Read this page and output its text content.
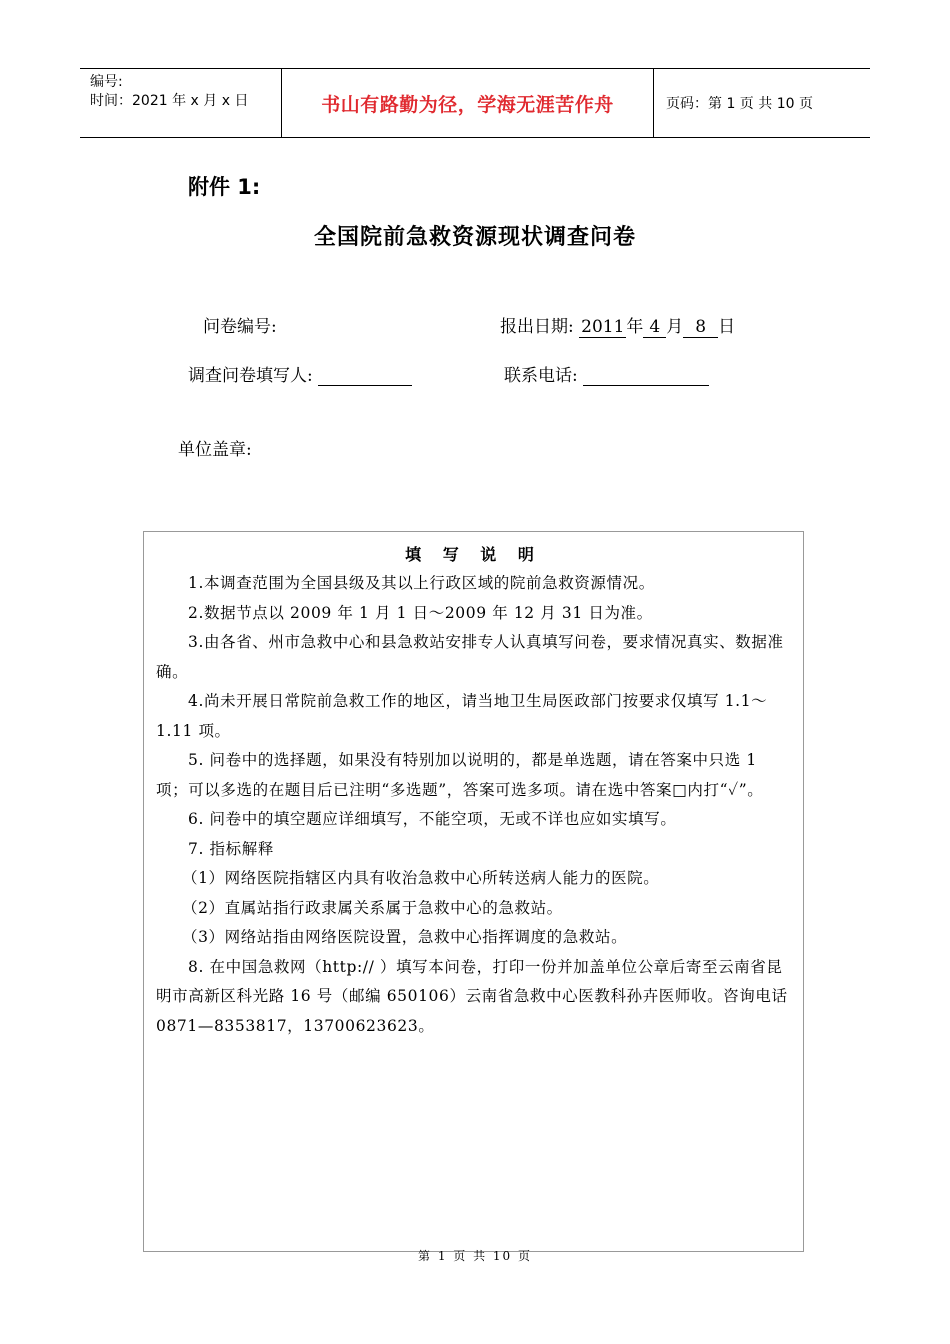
编号:
时间：2021 年 x 月 x 日	书山有路勤为径，学海无涯苦作舟	页码：第 1 页 共 10 页
附件 1:
全国院前急救资源现状调查问卷
问卷编号:	报出日期: 2011 年 4 月 8 日
调查问卷填写人:	联系电话:
单位盖章:
填 写 说 明

1.本调查范围为全国县级及其以上行政区域的院前急救资源情况。

2.数据节点以 2009 年 1 月 1 日～2009 年 12 月 31 日为准。

3.由各省、州市急救中心和县急救站安排专人认真填写问卷，要求情况真实、数据准确。

4.尚未开展日常院前急救工作的地区，请当地卫生局医政部门按要求仅填写 1.1～1.11 项。

5. 问卷中的选择题，如果没有特别加以说明的，都是单选题，请在答案中只选 1 项；可以多选的在题目后已注明“多选题”，答案可选多项。请在选中答案□内打“✓”。

6. 问卷中的填空题应详细填写，不能空项，无或不详也应如实填写。

7. 指标解释

（1）网络医院指辖区内具有收治急救中心所转送病人能力的医院。

（2）直属站指行政隶属关系属于急救中心的急救站。

（3）网络站指由网络医院设置，急救中心指挥调度的急救站。

8. 在中国急救网（http:// ）填写本问卷，打印一份并加盖单位公章后寄至云南省昆明市高新区科光路 16 号（邮编 650106）云南省急救中心医教科孙卉医师收。咨询电话 0871—8353817，13700623623。

第 1 页 共 10 页
